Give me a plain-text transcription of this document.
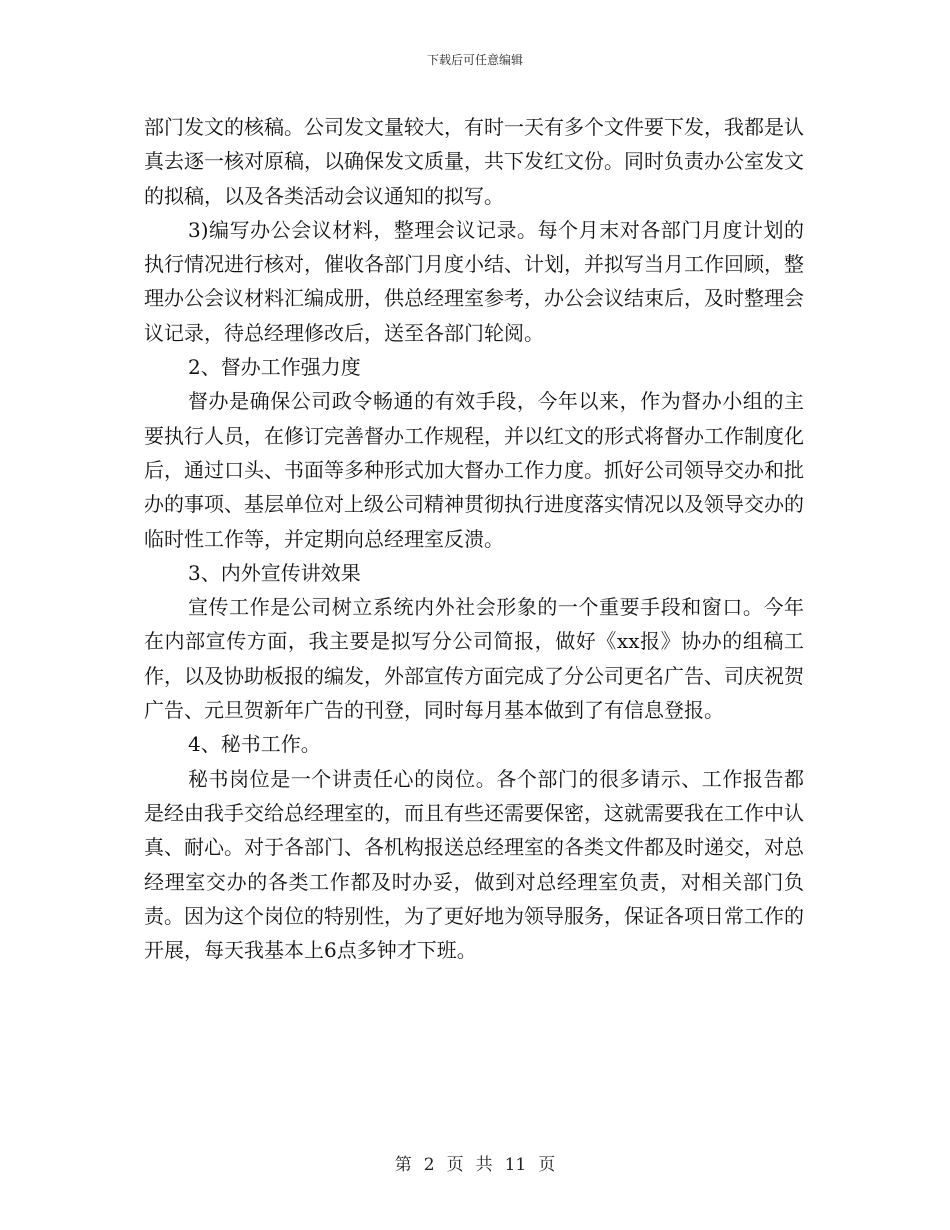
下载后可任意编辑

部门发文的核稿。公司发文量较大，有时一天有多个文件要下发，我都是认真去逐一核对原稿，以确保发文质量，共下发红文份。同时负责办公室发文的拟稿，以及各类活动会议通知的拟写。

3)编写办公会议材料，整理会议记录。每个月末对各部门月度计划的执行情况进行核对，催收各部门月度小结、计划，并拟写当月工作回顾，整理办公会议材料汇编成册，供总经理室参考，办公会议结束后，及时整理会议记录，待总经理修改后，送至各部门轮阅。

2、督办工作强力度

督办是确保公司政令畅通的有效手段，今年以来，作为督办小组的主要执行人员，在修订完善督办工作规程，并以红文的形式将督办工作制度化后，通过口头、书面等多种形式加大督办工作力度。抓好公司领导交办和批办的事项、基层单位对上级公司精神贯彻执行进度落实情况以及领导交办的临时性工作等，并定期向总经理室反溃。

3、内外宣传讲效果

宣传工作是公司树立系统内外社会形象的一个重要手段和窗口。今年在内部宣传方面，我主要是拟写分公司简报，做好《xx报》协办的组稿工作，以及协助板报的编发，外部宣传方面完成了分公司更名广告、司庆祝贺广告、元旦贺新年广告的刊登，同时每月基本做到了有信息登报。

4、秘书工作。

秘书岗位是一个讲责任心的岗位。各个部门的很多请示、工作报告都是经由我手交给总经理室的，而且有些还需要保密，这就需要我在工作中认真、耐心。对于各部门、各机构报送总经理室的各类文件都及时递交，对总经理室交办的各类工作都及时办妥，做到对总经理室负责，对相关部门负责。因为这个岗位的特别性，为了更好地为领导服务，保证各项日常工作的开展，每天我基本上6点多钟才下班。

第 2 页 共 11 页
